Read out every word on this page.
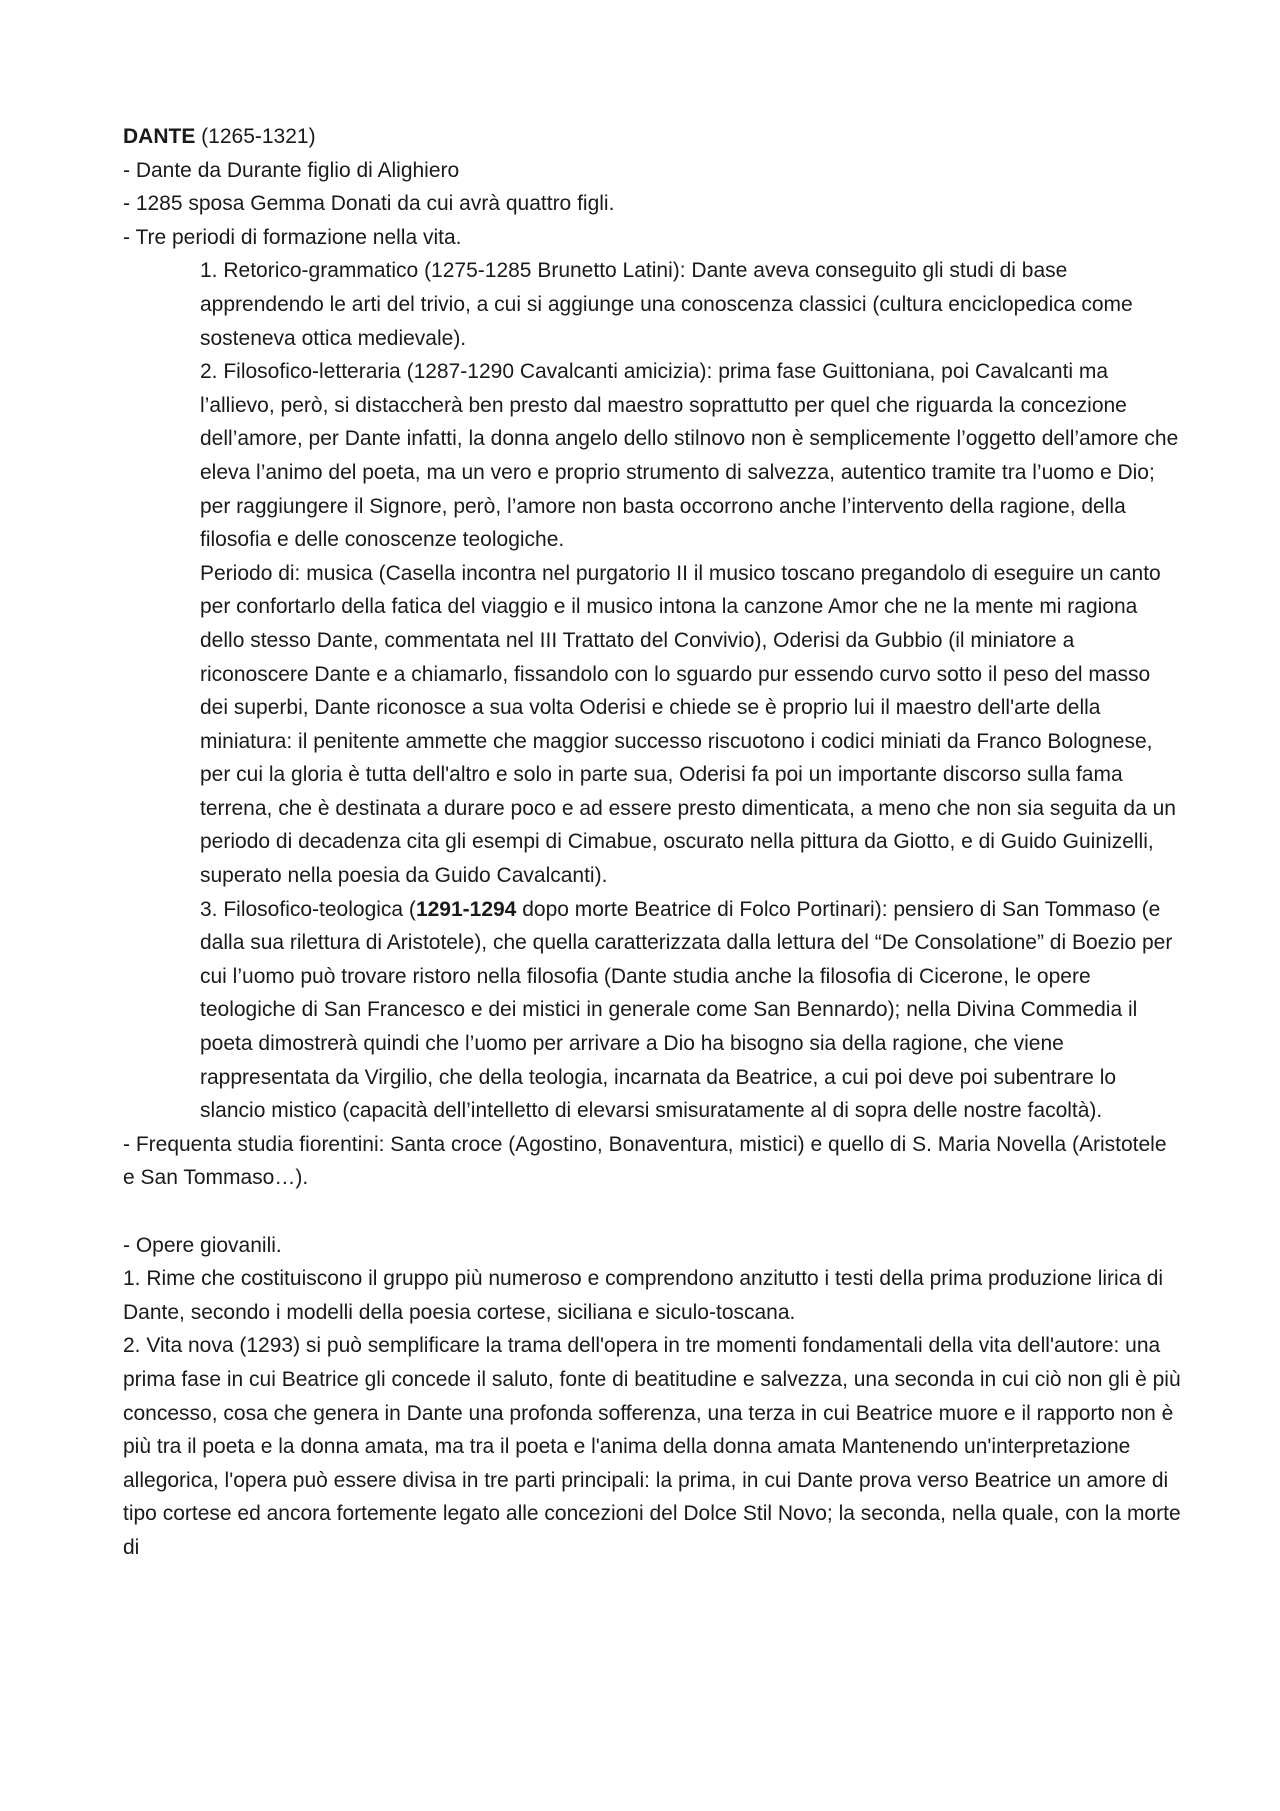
DANTE (1265-1321)
- Dante da Durante figlio di Alighiero
- 1285 sposa Gemma Donati da cui avrà quattro figli.
- Tre periodi di formazione nella vita.
1. Retorico-grammatico (1275-1285 Brunetto Latini): Dante aveva conseguito gli studi di base apprendendo le arti del trivio, a cui si aggiunge una conoscenza classici (cultura enciclopedica come sosteneva ottica medievale).
2. Filosofico-letteraria (1287-1290 Cavalcanti amicizia): prima fase Guittoniana, poi Cavalcanti ma l’allievo, però, si distaccherà ben presto dal maestro soprattutto per quel che riguarda la concezione dell’amore, per Dante infatti, la donna angelo dello stilnovo non è semplicemente l’oggetto dell’amore che eleva l’animo del poeta, ma un vero e proprio strumento di salvezza, autentico tramite tra l’uomo e Dio; per raggiungere il Signore, però, l’amore non basta occorrono anche l’intervento della ragione, della filosofia e delle conoscenze teologiche.
Periodo di: musica (Casella incontra nel purgatorio II il musico toscano pregandolo di eseguire un canto per confortarlo della fatica del viaggio e il musico intona la canzone Amor che ne la mente mi ragiona dello stesso Dante, commentata nel III Trattato del Convivio), Oderisi da Gubbio (il miniatore a riconoscere Dante e a chiamarlo, fissandolo con lo sguardo pur essendo curvo sotto il peso del masso dei superbi, Dante riconosce a sua volta Oderisi e chiede se è proprio lui il maestro dell'arte della miniatura: il penitente ammette che maggior successo riscuotono i codici miniati da Franco Bolognese, per cui la gloria è tutta dell'altro e solo in parte sua, Oderisi fa poi un importante discorso sulla fama terrena, che è destinata a durare poco e ad essere presto dimenticata, a meno che non sia seguita da un periodo di decadenza cita gli esempi di Cimabue, oscurato nella pittura da Giotto, e di Guido Guinizelli, superato nella poesia da Guido Cavalcanti).
3. Filosofico-teologica (1291-1294 dopo morte Beatrice di Folco Portinari): pensiero di San Tommaso (e dalla sua rilettura di Aristotele), che quella caratterizzata dalla lettura del “De Consolatione” di Boezio per cui l’uomo può trovare ristoro nella filosofia (Dante studia anche la filosofia di Cicerone, le opere teologiche di San Francesco e dei mistici in generale come San Bennardo); nella Divina Commedia il poeta dimostrerà quindi che l’uomo per arrivare a Dio ha bisogno sia della ragione, che viene rappresentata da Virgilio, che della teologia, incarnata da Beatrice, a cui poi deve poi subentrare lo slancio mistico (capacità dell’intelletto di elevarsi smisuratamente al di sopra delle nostre facoltà).
- Frequenta studia fiorentini: Santa croce (Agostino, Bonaventura, mistici) e quello di S. Maria Novella (Aristotele e San Tommaso…).
- Opere giovanili.
1. Rime che costituiscono il gruppo più numeroso e comprendono anzitutto i testi della prima produzione lirica di Dante, secondo i modelli della poesia cortese, siciliana e siculo-toscana.
2. Vita nova (1293) si può semplificare la trama dell'opera in tre momenti fondamentali della vita dell'autore: una prima fase in cui Beatrice gli concede il saluto, fonte di beatitudine e salvezza, una seconda in cui ciò non gli è più concesso, cosa che genera in Dante una profonda sofferenza, una terza in cui Beatrice muore e il rapporto non è più tra il poeta e la donna amata, ma tra il poeta e l'anima della donna amata Mantenendo un'interpretazione allegorica, l'opera può essere divisa in tre parti principali: la prima, in cui Dante prova verso Beatrice un amore di tipo cortese ed ancora fortemente legato alle concezioni del Dolce Stil Novo; la seconda, nella quale, con la morte di
